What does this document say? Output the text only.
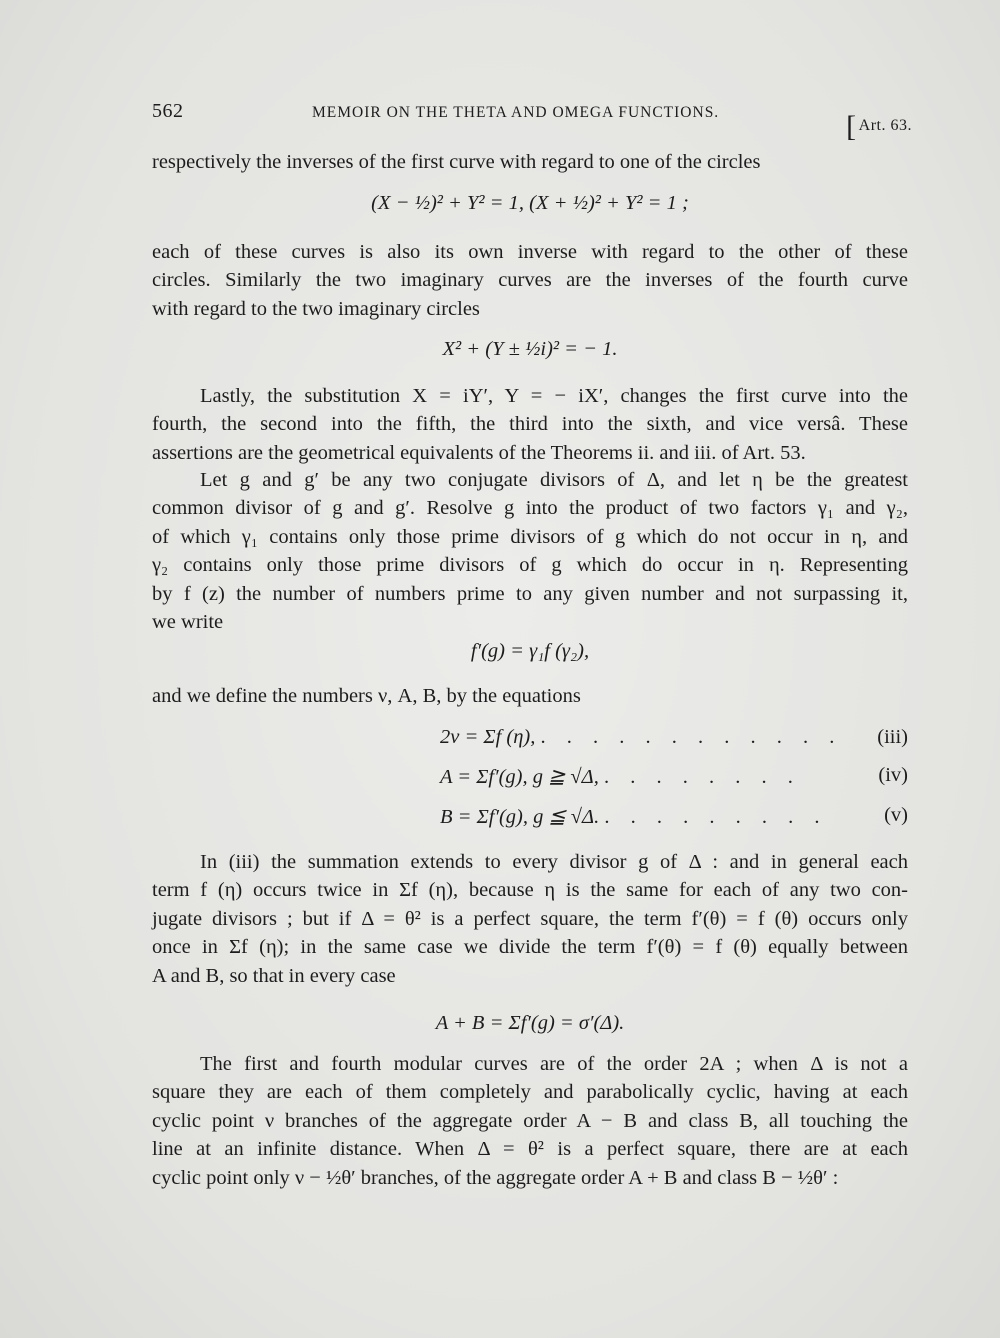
562	MEMOIR ON THE THETA AND OMEGA FUNCTIONS.	[ Art. 63.
respectively the inverses of the first curve with regard to one of the circles
(X − ½)² + Y² = 1, (X + ½)² + Y² = 1 ;
each of these curves is also its own inverse with regard to the other of these
circles. Similarly the two imaginary curves are the inverses of the fourth curve
with regard to the two imaginary circles
X² + (Y ± ½i)² = − 1.
Lastly, the substitution X = iY′, Y = − iX′, changes the first curve into the
fourth, the second into the fifth, the third into the sixth, and vice versâ. These
assertions are the geometrical equivalents of the Theorems ii. and iii. of Art. 53.
Let g and g′ be any two conjugate divisors of Δ, and let η be the greatest
common divisor of g and g′. Resolve g into the product of two factors γ₁ and γ₂,
of which γ₁ contains only those prime divisors of g which do not occur in η, and
γ₂ contains only those prime divisors of g which do occur in η. Representing
by f (z) the number of numbers prime to any given number and not surpassing it,
we write
f′(g) = γ₁f (γ₂),
and we define the numbers ν, A, B, by the equations
2ν = Σf (η), . . . . . . . . . . . . (iii)
A = Σf′(g), g ≧ √Δ, . . . . . . . .	(iv)
B = Σf′(g), g ≦ √Δ. . . . . . . . . .	(v)
In (iii) the summation extends to every divisor g of Δ : and in general each
term f (η) occurs twice in Σf (η), because η is the same for each of any two con-
jugate divisors ; but if Δ = θ² is a perfect square, the term f′(θ) = f (θ) occurs only
once in Σf (η); in the same case we divide the term f′(θ) = f (θ) equally between
A and B, so that in every case
A + B = Σf′(g) = σ′(Δ).
The first and fourth modular curves are of the order 2A ; when Δ is not a
square they are each of them completely and parabolically cyclic, having at each
cyclic point ν branches of the aggregate order A − B and class B, all touching the
line at an infinite distance. When Δ = θ² is a perfect square, there are at each
cyclic point only ν − ½θ′ branches, of the aggregate order A + B and class B − ½θ′ :
